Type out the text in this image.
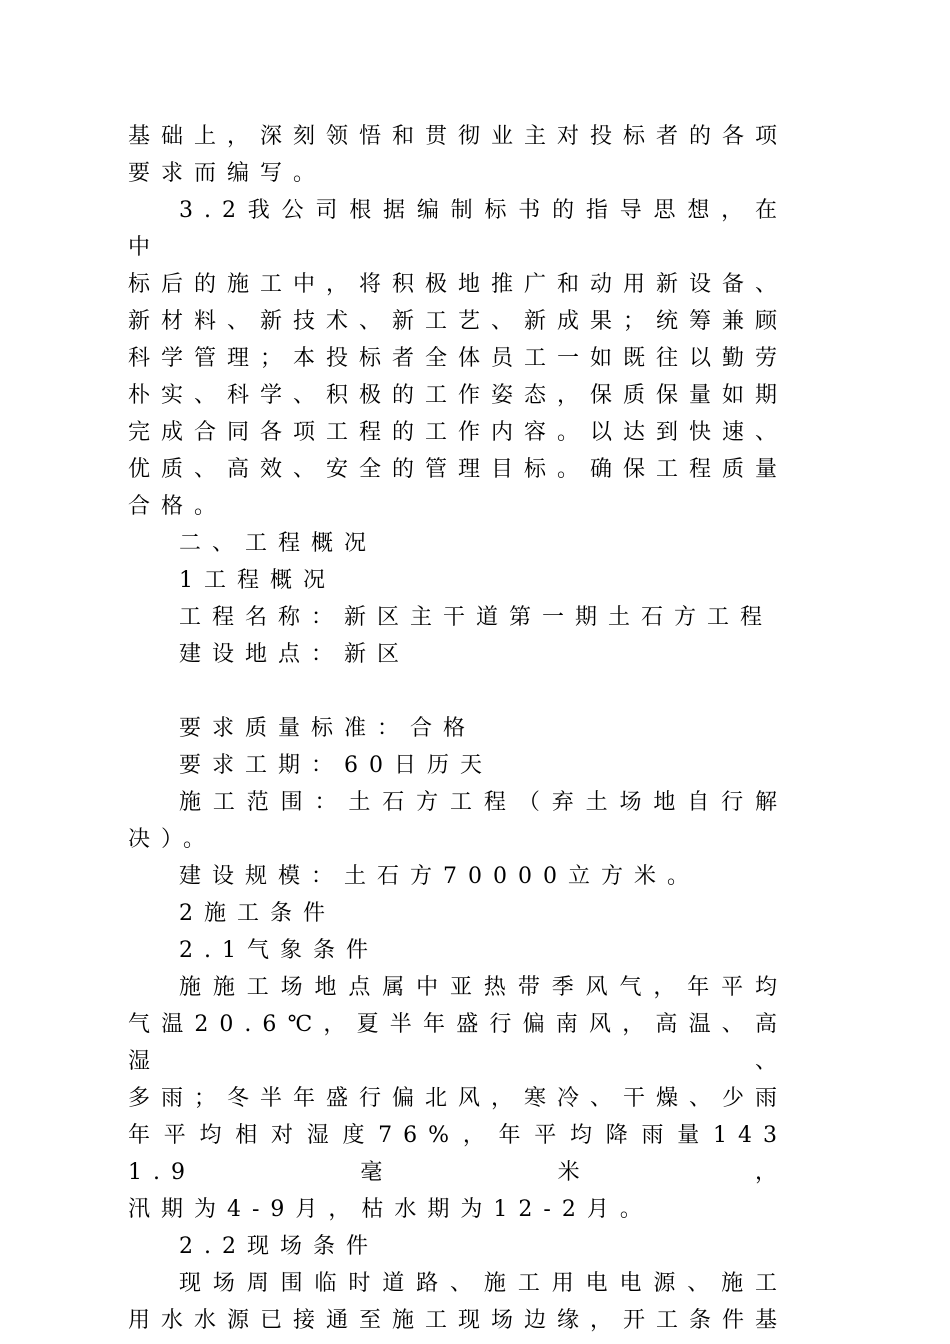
基础上，深刻领悟和贯彻业主对投标者的各项

要求而编写。

3.2我公司根据编制标书的指导思想，在中

标后的施工中，将积极地推广和动用新设备、

新材料、新技术、新工艺、新成果；统筹兼顾

科学管理；本投标者全体员工一如既往以勤劳

朴实、科学、积极的工作姿态，保质保量如期

完成合同各项工程的工作内容。以达到快速、

优质、高效、安全的管理目标。确保工程质量

合格。

二、工程概况

1工程概况

工程名称：新区主干道第一期土石方工程

建设地点：新区

要求质量标准：合格

要求工期：60日历天

施工范围：土石方工程（弃土场地自行解

决）。

建设规模：土石方70000立方米。

2施工条件

2.1气象条件

施施工场地点属中亚热带季风气，年平均

气温20.6℃，夏半年盛行偏南风，高温、高湿、

多雨；冬半年盛行偏北风，寒冷、干燥、少雨

年平均相对湿度76%，年平均降雨量1431.9毫米，

汛期为4-9月，枯水期为12-2月。

2.2现场条件

现场周围临时道路、施工用电电源、施工

用水水源已接通至施工现场边缘，开工条件基
